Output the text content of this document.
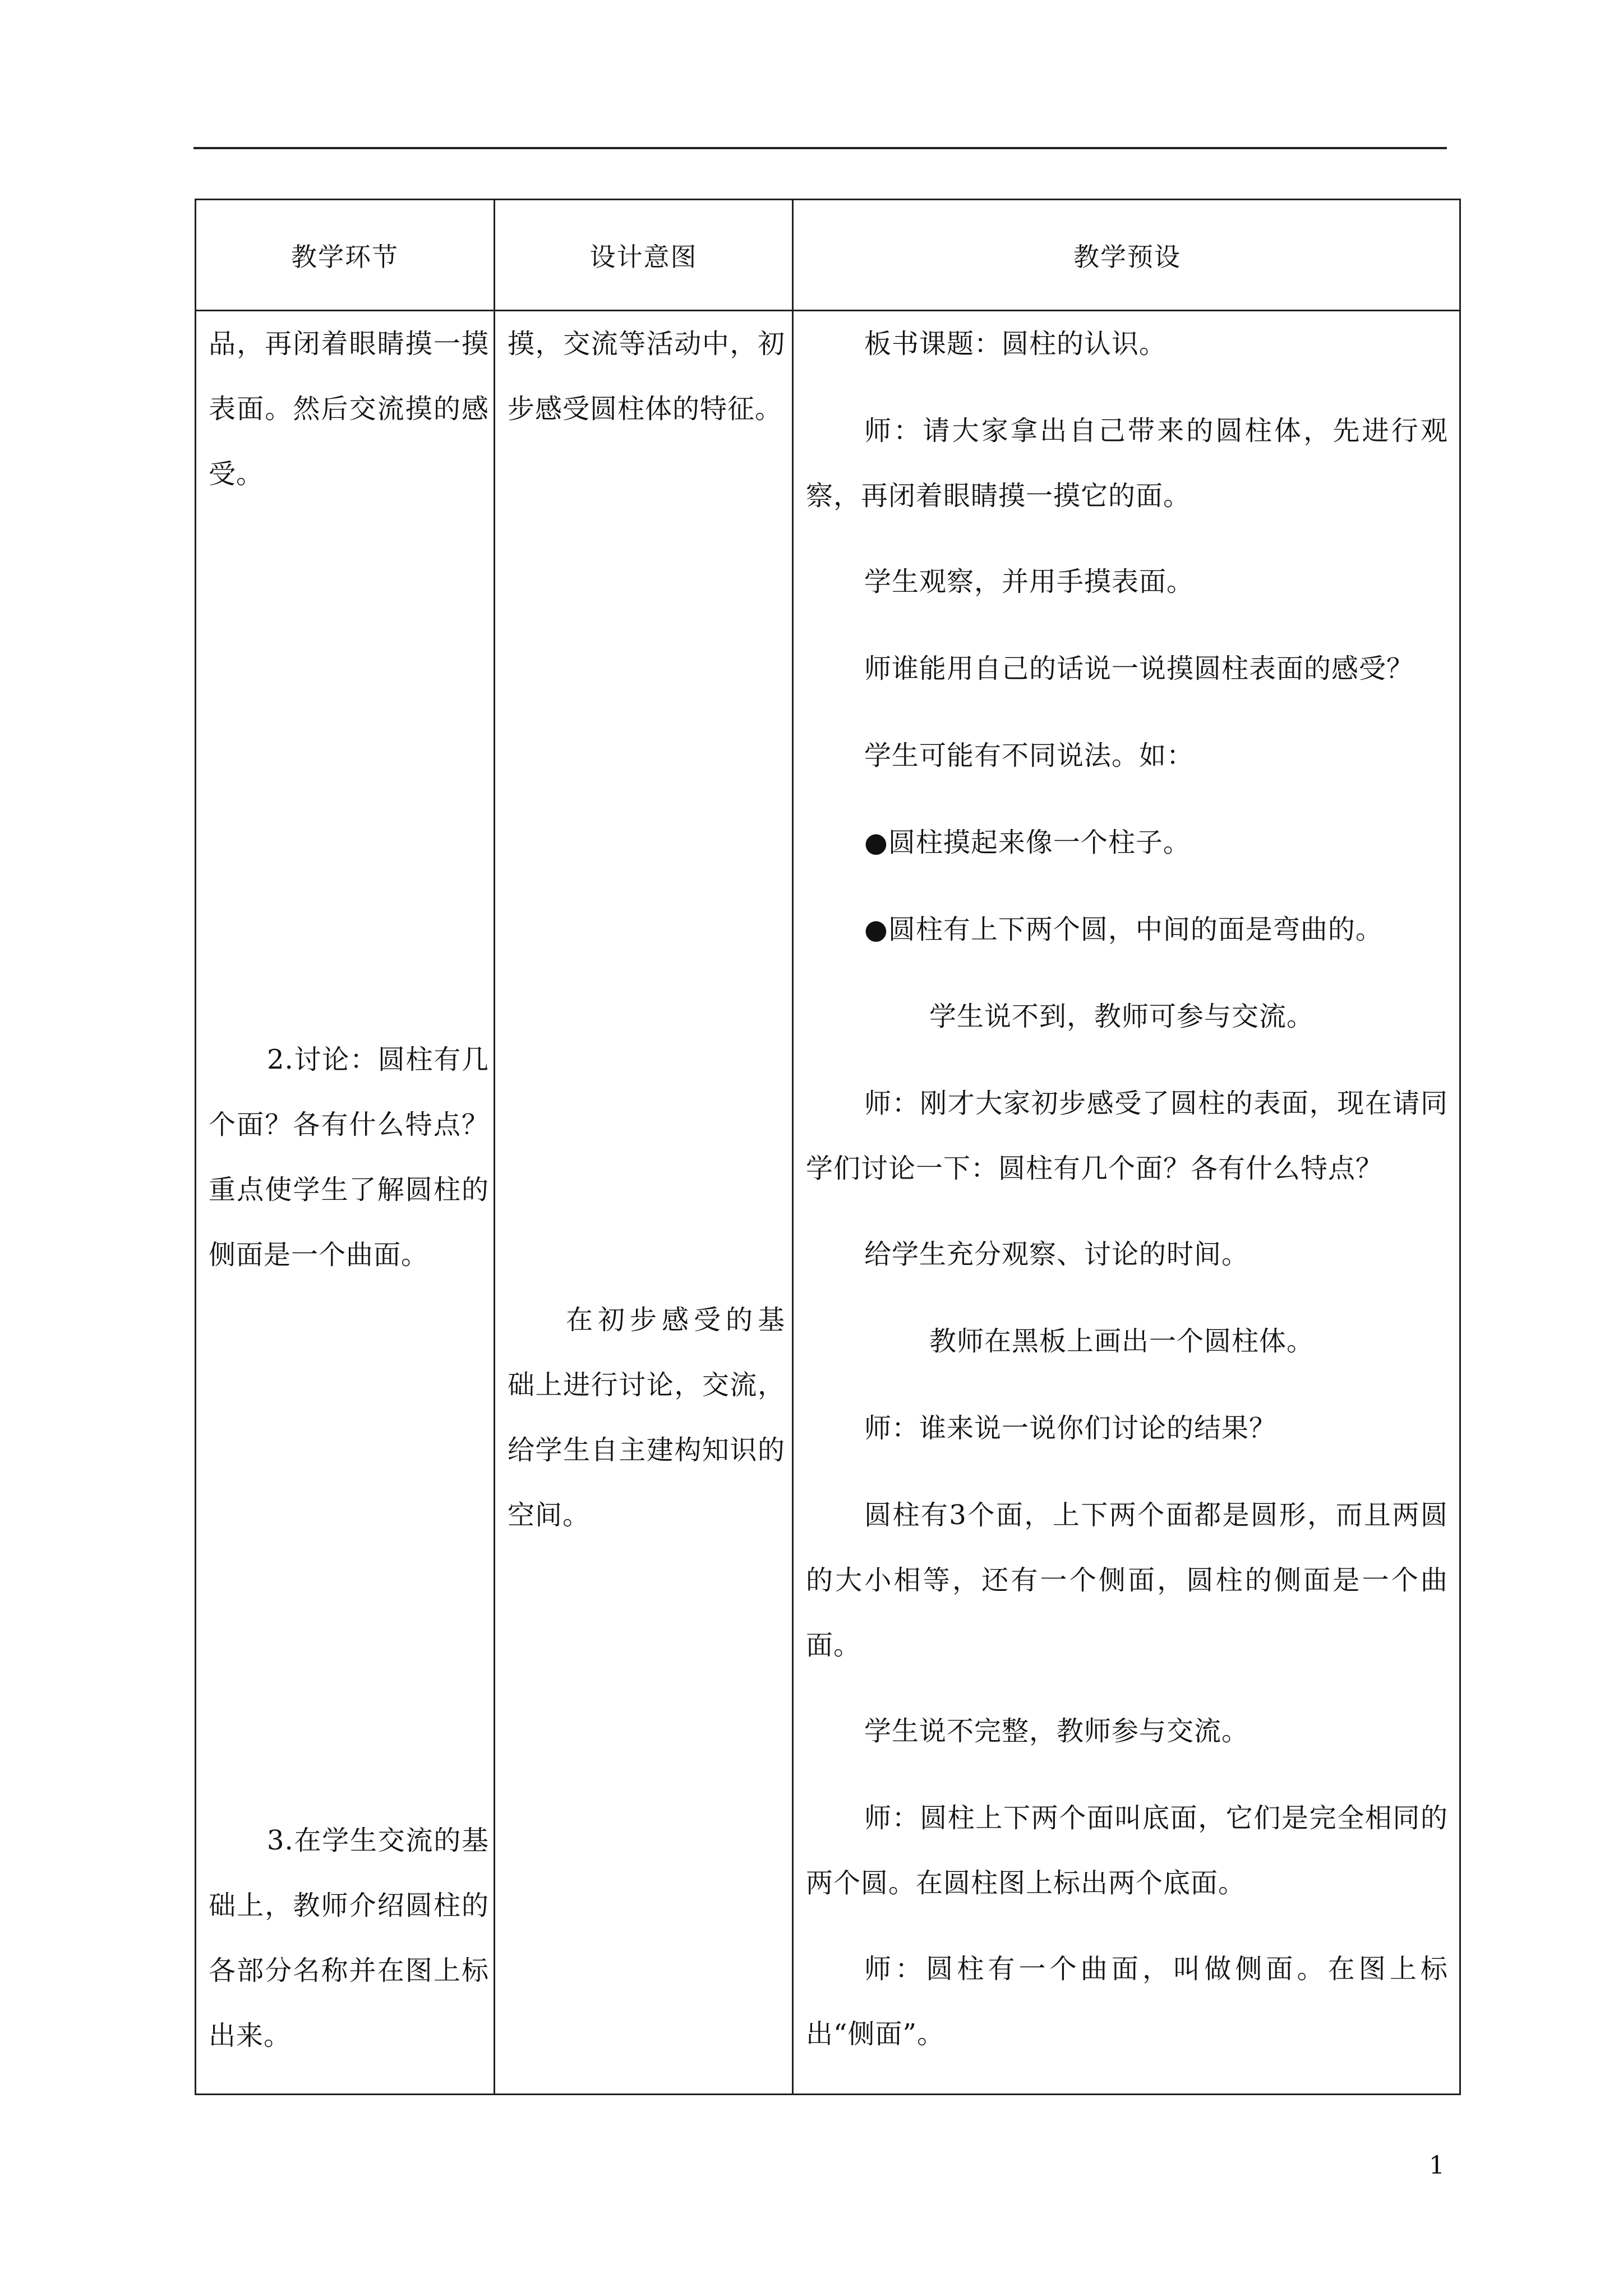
教学环节	设计意图	教学预设

品，再闭着眼睛摸一摸表面。然后交流摸的感受。

2.讨论：圆柱有几个面？各有什么特点？重点使学生了解圆柱的侧面是一个曲面。

3.在学生交流的基础上，教师介绍圆柱的各部分名称并在图上标出来。

摸，交流等活动中，初步感受圆柱体的特征。

在初步感受的基础上进行讨论，交流，给学生自主建构知识的空间。

板书课题：圆柱的认识。

师：请大家拿出自己带来的圆柱体，先进行观察，再闭着眼睛摸一摸它的面。

学生观察，并用手摸表面。

师谁能用自己的话说一说摸圆柱表面的感受？

学生可能有不同说法。如：

●圆柱摸起来像一个柱子。

●圆柱有上下两个圆，中间的面是弯曲的。

学生说不到，教师可参与交流。

师：刚才大家初步感受了圆柱的表面，现在请同学们讨论一下：圆柱有几个面？各有什么特点？

给学生充分观察、讨论的时间。

教师在黑板上画出一个圆柱体。

师：谁来说一说你们讨论的结果？

圆柱有3个面，上下两个面都是圆形，而且两圆的大小相等，还有一个侧面，圆柱的侧面是一个曲面。

学生说不完整，教师参与交流。

师：圆柱上下两个面叫底面，它们是完全相同的两个圆。在圆柱图上标出两个底面。

师：圆柱有一个曲面，叫做侧面。在图上标出“侧面”。

1
